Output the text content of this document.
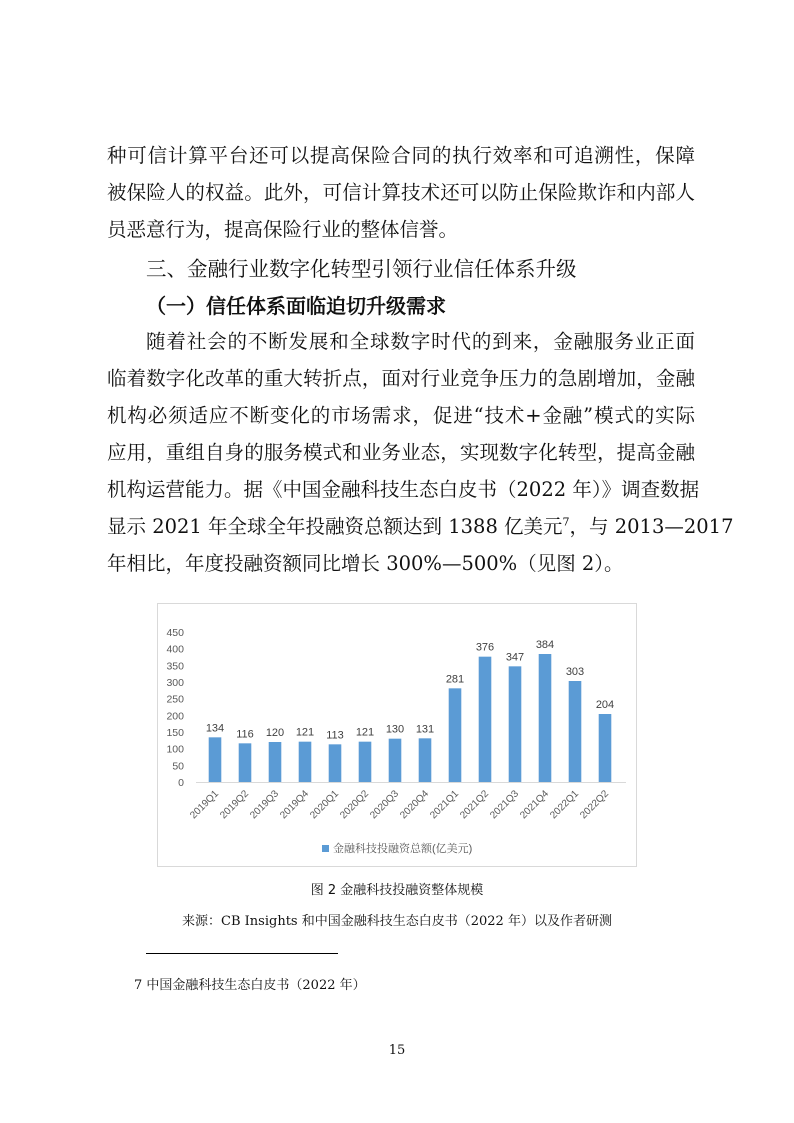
种可信计算平台还可以提高保险合同的执行效率和可追溯性，保障
被保险人的权益。此外，可信计算技术还可以防止保险欺诈和内部人
员恶意行为，提高保险行业的整体信誉。
三、金融行业数字化转型引领行业信任体系升级
（一）信任体系面临迫切升级需求
随着社会的不断发展和全球数字时代的到来，金融服务业正面
临着数字化改革的重大转折点，面对行业竞争压力的急剧增加，金融
机构必须适应不断变化的市场需求，促进“技术+金融”模式的实际
应用，重组自身的服务模式和业务业态，实现数字化转型，提高金融
机构运营能力。据《中国金融科技生态白皮书（2022 年）》调查数据
显示 2021 年全球全年投融资总额达到 1388 亿美元$^7$，与 2013—2017
年相比，年度投融资额同比增长 300%—500%（见图 2）。
0
50
100
150
200
250
300
350
400
450
134
2019Q1
116
2019Q2
120
2019Q3
121
2019Q4
113
2020Q1
121
2020Q2
130
2020Q3
131
2020Q4
281
2021Q1
376
2021Q2
347
2021Q3
384
2021Q4
303
2022Q1
204
2022Q2
金融科技投融资总额(亿美元)

图 2 金融科技投融资整体规模

来源：CB Insights 和中国金融科技生态白皮书（2022 年）以及作者研测

7 中国金融科技生态白皮书（2022 年）

15
